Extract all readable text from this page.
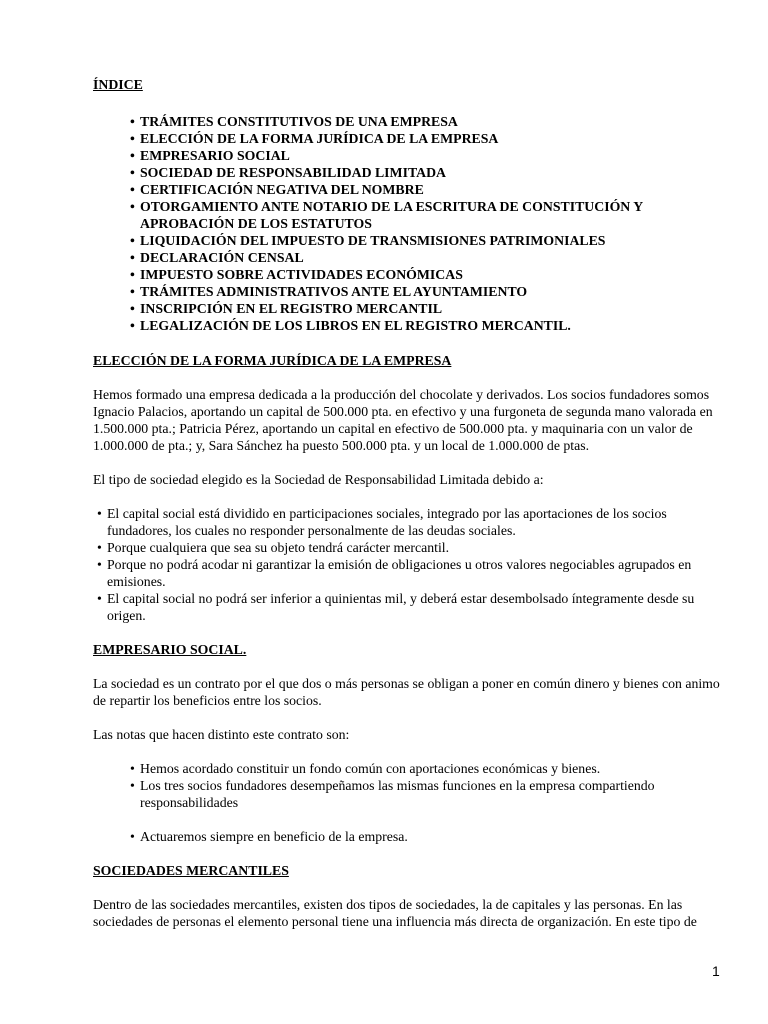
ÍNDICE
• TRÁMITES CONSTITUTIVOS DE UNA EMPRESA
• ELECCIÓN DE LA FORMA JURÍDICA DE LA EMPRESA
• EMPRESARIO SOCIAL
• SOCIEDAD DE RESPONSABILIDAD LIMITADA
• CERTIFICACIÓN NEGATIVA DEL NOMBRE
• OTORGAMIENTO ANTE NOTARIO DE LA ESCRITURA DE CONSTITUCIÓN Y APROBACIÓN DE LOS ESTATUTOS
• LIQUIDACIÓN DEL IMPUESTO DE TRANSMISIONES PATRIMONIALES
• DECLARACIÓN CENSAL
• IMPUESTO SOBRE ACTIVIDADES ECONÓMICAS
• TRÁMITES ADMINISTRATIVOS ANTE EL AYUNTAMIENTO
• INSCRIPCIÓN EN EL REGISTRO MERCANTIL
• LEGALIZACIÓN DE LOS LIBROS EN EL REGISTRO MERCANTIL.
ELECCIÓN DE LA FORMA JURÍDICA DE LA EMPRESA

Hemos formado una empresa dedicada a la producción del chocolate y derivados. Los socios fundadores somos Ignacio Palacios, aportando un capital de 500.000 pta. en efectivo y una furgoneta de segunda mano valorada en 1.500.000 pta.; Patricia Pérez, aportando un capital en efectivo de 500.000 pta. y maquinaria con un valor de 1.000.000 de pta.; y, Sara Sánchez ha puesto 500.000 pta. y un local de 1.000.000 de ptas.

El tipo de sociedad elegido es la Sociedad de Responsabilidad Limitada debido a:

• El capital social está dividido en participaciones sociales, integrado por las aportaciones de los socios fundadores, los cuales no responder personalmente de las deudas sociales.
• Porque cualquiera que sea su objeto tendrá carácter mercantil.
• Porque no podrá acodar ni garantizar la emisión de obligaciones u otros valores negociables agrupados en emisiones.
• El capital social no podrá ser inferior a quinientas mil, y deberá estar desembolsado íntegramente desde su origen.
EMPRESARIO SOCIAL.

La sociedad es un contrato por el que dos o más personas se obligan a poner en común dinero y bienes con animo de repartir los beneficios entre los socios.

Las notas que hacen distinto este contrato son:

• Hemos acordado constituir un fondo común con aportaciones económicas y bienes.
• Los tres socios fundadores desempeñamos las mismas funciones en la empresa compartiendo responsabilidades
• Actuaremos siempre en beneficio de la empresa.
SOCIEDADES MERCANTILES

Dentro de las sociedades mercantiles, existen dos tipos de sociedades, la de capitales y las personas. En las sociedades de personas el elemento personal tiene una influencia más directa de organización. En este tipo de

1
